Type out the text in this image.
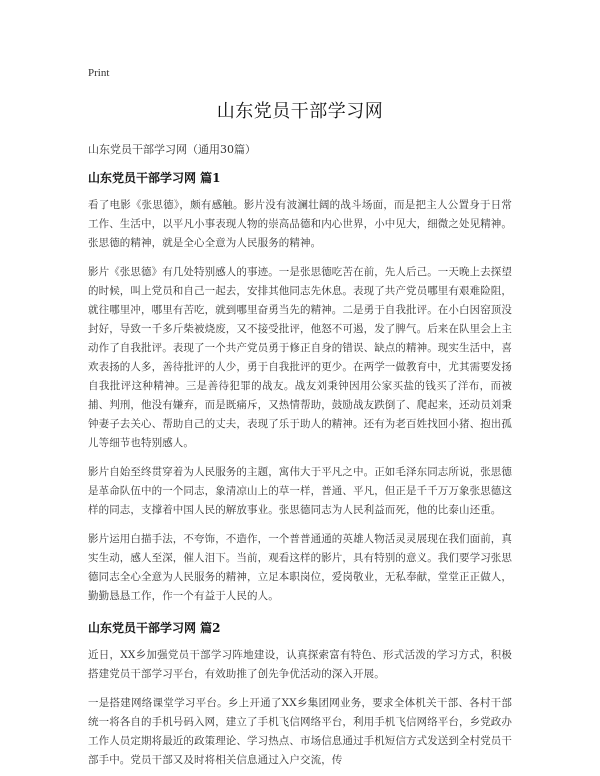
Print
山东党员干部学习网
山东党员干部学习网（通用30篇）
山东党员干部学习网 篇1

看了电影《张思德》，颇有感触。影片没有波澜壮阔的战斗场面，而是把主人公置身于日常工作、生活中，以平凡小事表现人物的崇高品德和内心世界，小中见大，细微之处见精神。张思德的精神，就是全心全意为人民服务的精神。

影片《张思德》有几处特别感人的事迹。一是张思德吃苦在前，先人后己。一天晚上去探望的时候，叫上党员和自己一起去，安排其他同志先休息。表现了共产党员哪里有艰难险阻，就往哪里冲，哪里有苦吃，就到哪里奋勇当先的精神。二是勇于自我批评。在小白因窑顶没封好，导致一千多斤柴被烧废，又不接受批评，他怒不可遏，发了脾气。后来在队里会上主动作了自我批评。表现了一个共产党员勇于修正自身的错误、缺点的精神。现实生活中，喜欢表扬的人多，善待批评的人少，勇于自我批评的更少。在两学一做教育中，尤其需要发扬自我批评这种精神。三是善待犯罪的战友。战友刘秉钟因用公家买盐的钱买了洋布，而被捕、判刑，他没有嫌弃，而是既痛斥，又热情帮助，鼓励战友跌倒了、爬起来，还动员刘秉钟妻子去关心、帮助自己的丈夫，表现了乐于助人的精神。还有为老百姓找回小猪、抱出孤儿等细节也特别感人。

影片自始至终贯穿着为人民服务的主题，寓伟大于平凡之中。正如毛泽东同志所说，张思德是革命队伍中的一个同志，象清凉山上的草一样，普通、平凡，但正是千千万万象张思德这样的同志，支撑着中国人民的解放事业。张思德同志为人民利益而死，他的比泰山还重。

影片运用白描手法，不夸饰，不造作，一个普普通通的英雄人物活灵灵展现在我们面前，真实生动，感人至深，催人泪下。当前，观看这样的影片，具有特别的意义。我们要学习张思德同志全心全意为人民服务的精神，立足本职岗位，爱岗敬业，无私奉献，堂堂正正做人，勤勤恳恳工作，作一个有益于人民的人。

山东党员干部学习网 篇2

近日，XX乡加强党员干部学习阵地建设，认真探索富有特色、形式活泼的学习方式，积极搭建党员干部学习平台，有效助推了创先争优活动的深入开展。

一是搭建网络课堂学习平台。乡上开通了XX乡集团网业务，要求全体机关干部、各村干部统一将各自的手机号码入网，建立了手机飞信网络平台，利用手机飞信网络平台，乡党政办工作人员定期将最近的政策理论、学习热点、市场信息通过手机短信方式发送到全村党员干部手中。党员干部又及时将相关信息通过入户交流，传
